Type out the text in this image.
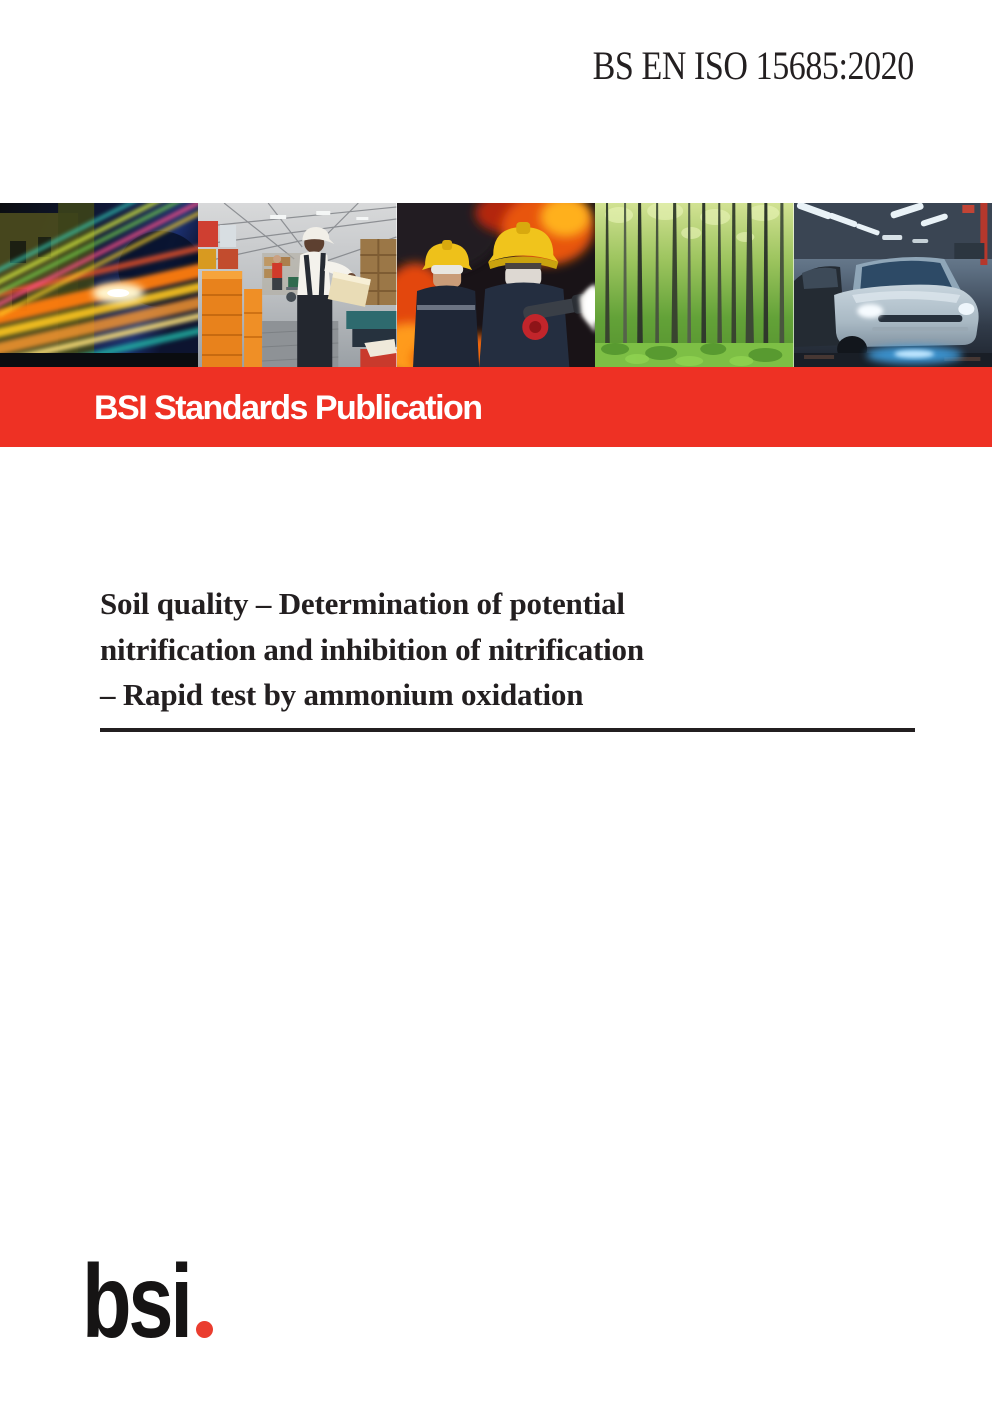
BS EN ISO 15685:2020
BSI Standards Publication
Soil quality – Determination of potential
nitrification and inhibition of nitrification
– Rapid test by ammonium oxidation
bsi
